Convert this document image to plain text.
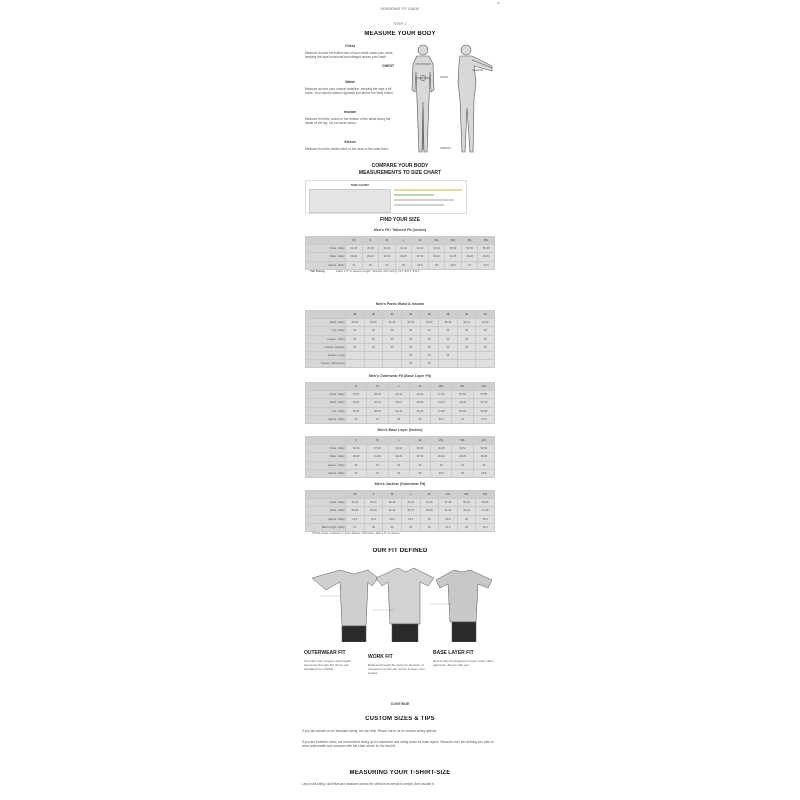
×
DEMOPANT FIT GUIDE
STEP 1
MEASURE YOUR BODY
Chest
Measure around the fullest part of your chest under your arms, keeping the tape horizontal and straight across your back.
Waist
Measure around your natural waistline, keeping the tape a bit loose. Your natural waist is typically just above the belly button.
Inseam
Measure from the crotch to the bottom of the ankle along the inside of the leg. Do not wear shoes.
Sleeve
Measure from the center back of the neck to the wrist bone.
CHEST
WAIST
SLEEVE
INSEAM
COMPARE YOUR BODY
MEASUREMENTS TO SIZE CHART
SIZE CHART
FIND YOUR SIZE
Men's Fit / Tailored Fit (Inches)
	XS	S	M	L	XL	2XL	3XL	4XL	5XL
Chest - Body	34-36	36-38	38-40	41-43	44-46	47-49	50-52	53-55	56-58
Waist - Body	28-30	30-32	32-34	34-36	37-39	40-42	43-45	46-48	49-51
Sleeve - Body	32	33	34	35	35.5	36	36.5	37	37.5
Tall Sizing	Adds 1.5" to sleeve length. Specify with sizing XLT, 2XLT, 3XLT.
Men's Pants Waist & Inseam
	28	30	32	34	36	38	40	42
Waist - Body	28-29	30-31	32-33	34-35	36-37	38-39	40-41	42-43
Hip - Body	34	36	38	40	42	44	46	48
Inseam - Short	30	30	30	30	30	30	30	30
Inseam - Regular	32	32	32	32	32	32	32	32
Inseam - Long				34	34	34		
Inseam - Extra Long				36	36			
Men's Outerwear Fit (Base Layer Fit)
	S	M	L	XL	2XL	3XL	4XL
Chest - Body	35-37	38-40	41-43	44-46	47-49	50-52	53-55
Waist - Body	29-31	32-34	35-37	38-40	41-43	44-46	47-49
Hip - Body	35-37	38-40	41-43	44-46	47-49	50-52	53-55
Sleeve - Body	33	34	35	36	36.5	37	37.5
Men's Base Layer (Inches)
	S	M	L	XL	2XL	3XL	4XL
Chest - Body	34-36	37-39	40-42	43-45	46-48	49-51	52-54
Waist - Body	28-30	31-33	34-36	37-39	40-42	43-45	46-48
Inseam - Body	30	31	32	32	32	32	32
Sleeve - Body	32	33	34	35	35.5	36	36.5
Men's Jackets (Outerwear Fit)
	XS	S	M	L	XL	2XL	3XL	4XL
Chest - Body	32-34	35-37	38-40	41-43	44-46	47-49	50-52	53-55
Waist - Body	26-28	29-31	32-34	35-37	38-40	41-43	44-46	47-49
Sleeve - Body	31.5	32.5	33.5	34.5	35	35.5	36	36.5
Back Length - Body	27	28	29	30	31	31.5	32	32.5
*Short sizes: subtract 1" from sleeve. Tall sizes: add 1.5" to sleeve.
OUR FIT DEFINED
OUTERWEAR FIT
Cut with room to layer underneath. Generous through the chest and shoulders for mobility.
WORK FIT
Relaxed through the body for freedom of movement on the job. Room to layer over a base.
BASE LAYER FIT
Next-to-skin fit designed to layer under other garments. Moves with you.
CONTINUE
CUSTOM SIZES & TIPS
If you fall outside of our standard sizing, we can help. Reach out to us for custom sizing options.
If you are between sizes, we recommend sizing up for outerwear and sizing down for base layers. Measure over the clothing you plan to wear underneath and compare with the chart above for the best fit.
MEASURING YOUR T-SHIRT-SIZE
Lay a well-fitting t-shirt flat and measure across the chest from armpit to armpit, then double it.
